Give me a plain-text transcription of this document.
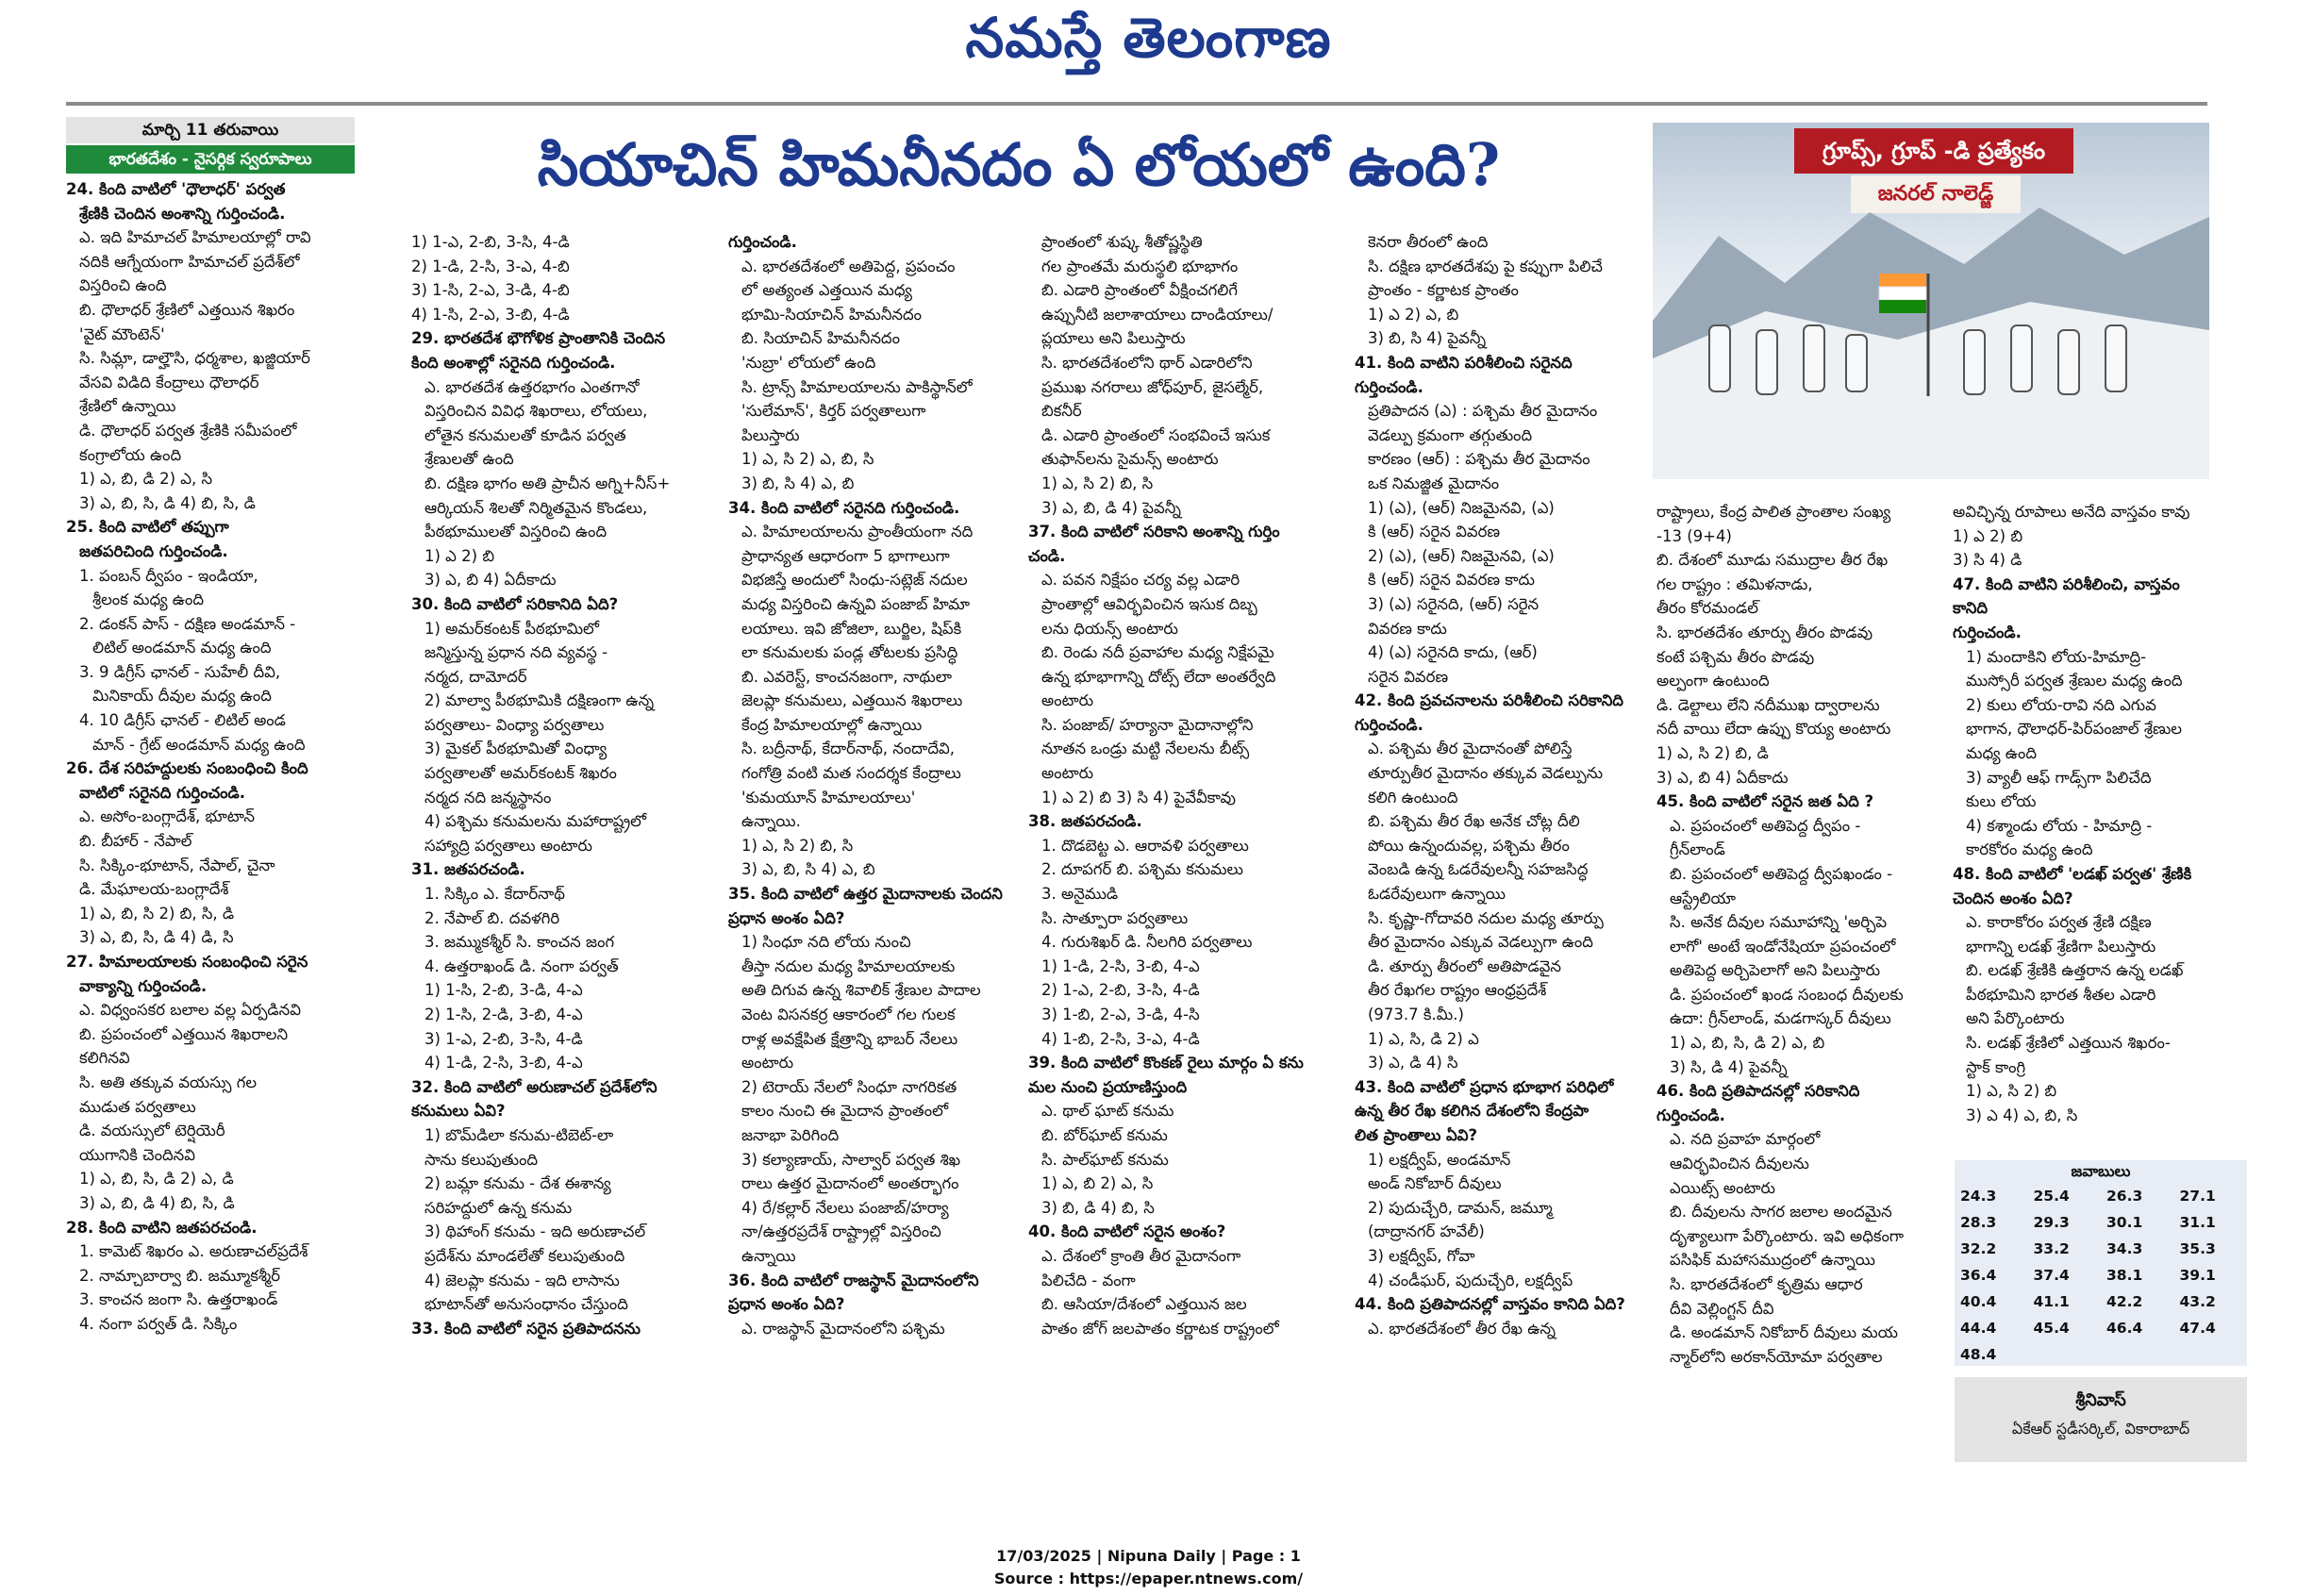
నమస్తే తెలంగాణ
మార్చి 11 తరువాయి
భారతదేశం - నైసర్గిక స్వరూపాలు	సియాచిన్ హిమనీనదం ఏ లోయలో ఉంది?	గ్రూప్స్, గ్రూప్ -డి ప్రత్యేకం
జనరల్ నాలెడ్జ్

24. కింది వాటిలో 'ధౌలాధర్' పర్వత

శ్రేణికి చెందిన అంశాన్ని గుర్తించండి.

ఎ. ఇది హిమాచల్ హిమాలయాల్లో రావి

నదికి ఆగ్నేయంగా హిమాచల్ ప్రదేశ్‌లో

విస్తరించి ఉంది

బి. ధౌలాధర్ శ్రేణిలో ఎత్తయిన శిఖరం

'వైట్ మౌంటెన్'

సి. సిమ్లా, డాల్హౌసి, ధర్మశాల, ఖజ్జియార్

వేసవి విడిది కేంద్రాలు ధౌలాధర్

శ్రేణిలో ఉన్నాయి

డి. ధౌలాధర్ పర్వత శ్రేణికి సమీపంలో

కంగ్రాలోయ ఉంది

1) ఎ, బి, డి 2) ఎ, సి

3) ఎ, బి, సి, డి 4) బి, సి, డి

25. కింది వాటిలో తప్పుగా

జతపరిచింది గుర్తించండి.

1. పంబన్ ద్వీపం - ఇండియా,

శ్రీలంక మధ్య ఉంది

2. డంకన్ పాస్ - దక్షిణ అండమాన్ -

లిటిల్ అండమాన్ మధ్య ఉంది

3. 9 డిగ్రీస్ ఛానల్ - సుహేలీ దీవి,

మినికాయ్ దీవుల మధ్య ఉంది

4. 10 డిగ్రీస్ ఛానల్ - లిటిల్ అండ

మాన్ - గ్రేట్ అండమాన్ మధ్య ఉంది

26. దేశ సరిహద్దులకు సంబంధించి కింది

వాటిలో సరైనది గుర్తించండి.

ఎ. అసోం-బంగ్లాదేశ్, భూటాన్

బి. బీహార్ - నేపాల్

సి. సిక్కిం-భూటాన్, నేపాల్, చైనా

డి. మేఘాలయ-బంగ్లాదేశ్

1) ఎ, బి, సి 2) బి, సి, డి

3) ఎ, బి, సి, డి 4) డి, సి

27. హిమాలయాలకు సంబంధించి సరైన

వాక్యాన్ని గుర్తించండి.

ఎ. విధ్వంసకర బలాల వల్ల ఏర్పడినవి

బి. ప్రపంచంలో ఎత్తయిన శిఖరాలని

కలిగినవి

సి. అతి తక్కువ వయస్సు గల

ముడుత పర్వతాలు

డి. వయస్సులో టెర్షియెరీ

యుగానికి చెందినవి

1) ఎ, బి, సి, డి 2) ఎ, డి

3) ఎ, బి, డి 4) బి, సి, డి

28. కింది వాటిని జతపరచండి.

1. కామెట్ శిఖరం ఎ. అరుణాచల్‌ప్రదేశ్

2. నామ్చాబార్వా బి. జమ్మూకశ్మీర్

3. కాంచన జంగా సి. ఉత్తరాఖండ్

4. నంగా పర్వత్ డి. సిక్కిం

1) 1-ఎ, 2-బి, 3-సి, 4-డి

2) 1-డి, 2-సి, 3-ఎ, 4-బి

3) 1-సి, 2-ఎ, 3-డి, 4-బి

4) 1-సి, 2-ఎ, 3-బి, 4-డి

29. భారతదేశ భౌగోళిక ప్రాంతానికి చెందిన

కింది అంశాల్లో సరైనది గుర్తించండి.

ఎ. భారతదేశ ఉత్తరభాగం ఎంతగానో

విస్తరించిన వివిధ శిఖరాలు, లోయలు,

లోతైన కనుమలతో కూడిన పర్వత

శ్రేణులతో ఉంది

బి. దక్షిణ భాగం అతి ప్రాచీన అగ్ని+నీస్+

ఆర్కియన్ శిలతో నిర్మితమైన కొండలు,

పీఠభూములతో విస్తరించి ఉంది

1) ఎ 2) బి

3) ఎ, బి 4) ఏదీకాదు

30. కింది వాటిలో సరికానిది ఏది?

1) అమర్‌కంటక్ పీఠభూమిలో

జన్మిస్తున్న ప్రధాన నది వ్యవస్థ -

నర్మద, దామోదర్

2) మాల్వా పీఠభూమికి దక్షిణంగా ఉన్న

పర్వతాలు- వింధ్యా పర్వతాలు

3) మైకల్ పీఠభూమితో వింధ్యా

పర్వతాలతో అమర్‌కంటక్ శిఖరం

నర్మద నది జన్మస్థానం

4) పశ్చిమ కనుమలను మహారాష్ట్రలో

సహ్యాద్రి పర్వతాలు అంటారు

31. జతపరచండి.

1. సిక్కిం ఎ. కేదార్‌నాథ్

2. నేపాల్ బి. దవళగిరి

3. జమ్ముకశ్మీర్ సి. కాంచన జంగ

4. ఉత్తరాఖండ్ డి. నంగా పర్వత్

1) 1-సి, 2-బి, 3-డి, 4-ఎ

2) 1-సి, 2-డి, 3-బి, 4-ఎ

3) 1-ఎ, 2-బి, 3-సి, 4-డి

4) 1-డి, 2-సి, 3-బి, 4-ఎ

32. కింది వాటిలో అరుణాచల్ ప్రదేశ్‌లోని

కనుమలు ఏవి?

1) బొమ్‌డిలా కనుమ-టిబెట్-లా

సాను కలుపుతుంది

2) బమ్లా కనుమ - దేశ ఈశాన్య

సరిహద్దులో ఉన్న కనుమ

3) థిహాంగ్ కనుమ - ఇది అరుణాచల్

ప్రదేశ్‌ను మాండలేతో కలుపుతుంది

4) జెలప్లా కనుమ - ఇది లాసాను

భూటాన్‌తో అనుసంధానం చేస్తుంది

33. కింది వాటిలో సరైన ప్రతిపాదనను

గుర్తించండి.

ఎ. భారతదేశంలో అతిపెద్ద, ప్రపంచం

లో అత్యంత ఎత్తయిన మధ్య

భూమి-సియాచిన్ హిమనీనదం

బి. సియాచిన్ హిమనీనదం

'నుబ్రా' లోయలో ఉంది

సి. ట్రాన్స్ హిమాలయాలను పాకిస్థాన్‌లో

'సులేమాన్', కిర్తర్ పర్వతాలుగా

పిలుస్తారు

1) ఎ, సి 2) ఎ, బి, సి

3) బి, సి 4) ఎ, బి

34. కింది వాటిలో సరైనది గుర్తించండి.

ఎ. హిమాలయాలను ప్రాంతీయంగా నది

ప్రాధాన్యత ఆధారంగా 5 భాగాలుగా

విభజిస్తే అందులో సింధు-సట్లెజ్ నదుల

మధ్య విస్తరించి ఉన్నవి పంజాబ్ హిమా

లయాలు. ఇవి జోజిలా, బుర్జిల, షిప్‌కి

లా కనుమలకు పండ్ల తోటలకు ప్రసిద్ధి

బి. ఎవరెస్ట్, కాంచనజంగా, నాథులా

జెలప్లా కనుమలు, ఎత్తయిన శిఖరాలు

కేంద్ర హిమాలయాల్లో ఉన్నాయి

సి. బద్రీనాథ్, కేదార్‌నాథ్, నందాదేవి,

గంగోత్రి వంటి మత సందర్శక కేంద్రాలు

'కుమయూన్ హిమాలయాలు'

ఉన్నాయి.

1) ఎ, సి 2) బి, సి

3) ఎ, బి, సి 4) ఎ, బి

35. కింది వాటిలో ఉత్తర మైదానాలకు చెందని

ప్రధాన అంశం ఏది?

1) సింధూ నది లోయ నుంచి

తీస్తా నదుల మధ్య హిమాలయాలకు

అతి దిగువ ఉన్న శివాలిక్ శ్రేణుల పాదాల

వెంట విసనకర్ర ఆకారంలో గల గులక

రాళ్ల అవక్షేపిత క్షేత్రాన్ని భాబర్ నేలలు

అంటారు

2) టెరాయ్ నేలలో సింధూ నాగరికత

కాలం నుంచి ఈ మైదాన ప్రాంతంలో

జనాభా పెరిగింది

3) కల్యాణాయ్, సాల్వార్ పర్వత శిఖ

రాలు ఉత్తర మైదానంలో అంతర్భాగం

4) రే/కల్లార్ నేలలు పంజాబ్/హర్యా

నా/ఉత్తరప్రదేశ్ రాష్ట్రాల్లో విస్తరించి

ఉన్నాయి

36. కింది వాటిలో రాజస్థాన్ మైదానంలోని

ప్రధాన అంశం ఏది?

ఎ. రాజస్థాన్ మైదానంలోని పశ్చిమ

ప్రాంతంలో శుష్క శీతోష్ణస్థితి

గల ప్రాంతమే మరుస్థలి భూభాగం

బి. ఎడారి ప్రాంతంలో వీక్షించగలిగే

ఉప్పునీటి జలాశాయాలు దాండియాలు/

ప్లయాలు అని పిలుస్తారు

సి. భారతదేశంలోని థార్ ఎడారిలోని

ప్రముఖ నగరాలు జోధ్‌పూర్, జైసల్మేర్,

బికనీర్

డి. ఎడారి ప్రాంతంలో సంభవించే ఇసుక

తుఫాన్‌లను సైమన్స్ అంటారు

1) ఎ, సి 2) బి, సి

3) ఎ, బి, డి 4) పైవన్నీ

37. కింది వాటిలో సరికాని అంశాన్ని గుర్తిం

చండి.

ఎ. పవన నిక్షేపం చర్య వల్ల ఎడారి

ప్రాంతాల్లో ఆవిర్భవించిన ఇసుక దిబ్బ

లను ధియన్స్ అంటారు

బి. రెండు నదీ ప్రవాహాల మధ్య నిక్షేపమై

ఉన్న భూభాగాన్ని దోట్స్ లేదా అంతర్వేది

అంటారు

సి. పంజాబ్/ హర్యానా మైదానాల్లోని

నూతన ఒండ్రు మట్టి నేలలను బీట్స్

అంటారు

1) ఎ 2) బి 3) సి 4) పైవేవీకావు

38. జతపరచండి.

1. దొడబెట్ట ఎ. ఆరావళి పర్వతాలు

2. దూపగర్ బి. పశ్చిమ కనుమలు

3. అనైముడి

సి. సాత్పూరా పర్వతాలు

4. గురుశిఖర్ డి. నీలగిరి పర్వతాలు

1) 1-డి, 2-సి, 3-బి, 4-ఎ

2) 1-ఎ, 2-బి, 3-సి, 4-డి

3) 1-బి, 2-ఎ, 3-డి, 4-సి

4) 1-బి, 2-సి, 3-ఎ, 4-డి

39. కింది వాటిలో కొంకణ్ రైలు మార్గం ఏ కను

మల నుంచి ప్రయాణిస్తుంది

ఎ. థాల్ ఘాట్ కనుమ

బి. బోర్‌ఘాట్ కనుమ

సి. పాల్‌ఘాట్ కనుమ

1) ఎ, బి 2) ఎ, సి

3) బి, డి 4) బి, సి

40. కింది వాటిలో సరైన అంశం?

ఎ. దేశంలో క్రాంతి తీర మైదానంగా

పిలిచేది - వంగా

బి. ఆసియా/దేశంలో ఎత్తయిన జల

పాతం జోగ్ జలపాతం కర్ణాటక రాష్ట్రంలో

కెనరా తీరంలో ఉంది

సి. దక్షిణ భారతదేశపు పై కప్పుగా పిలిచే

ప్రాంతం - కర్ణాటక ప్రాంతం

1) ఎ 2) ఎ, బి

3) బి, సి 4) పైవన్నీ

41. కింది వాటిని పరిశీలించి సరైనది

గుర్తించండి.

ప్రతిపాదన (ఎ) : పశ్చిమ తీర మైదానం

వెడల్పు క్రమంగా తగ్గుతుంది

కారణం (ఆర్) : పశ్చిమ తీర మైదానం

ఒక నిమజ్జిత మైదానం

1) (ఎ), (ఆర్) నిజమైనవి, (ఎ)

కి (ఆర్) సరైన వివరణ

2) (ఎ), (ఆర్) నిజమైనవి, (ఎ)

కి (ఆర్) సరైన వివరణ కాదు

3) (ఎ) సరైనది, (ఆర్) సరైన

వివరణ కాదు

4) (ఎ) సరైనది కాదు, (ఆర్)

సరైన వివరణ

42. కింది ప్రవచనాలను పరిశీలించి సరికానిది

గుర్తించండి.

ఎ. పశ్చిమ తీర మైదానంతో పోలిస్తే

తూర్పుతీర మైదానం తక్కువ వెడల్పును

కలిగి ఉంటుంది

బి. పశ్చిమ తీర రేఖ అనేక చోట్ల దీలి

పోయి ఉన్నందువల్ల, పశ్చిమ తీరం

వెంబడి ఉన్న ఓడరేవులన్నీ సహజసిద్ధ

ఓడరేవులుగా ఉన్నాయి

సి. కృష్ణా-గోదావరి నదుల మధ్య తూర్పు

తీర మైదానం ఎక్కువ వెడల్పుగా ఉంది

డి. తూర్పు తీరంలో అతిపొడవైన

తీర రేఖగల రాష్ట్రం ఆంధ్రప్రదేశ్

(973.7 కి.మీ.)

1) ఎ, సి, డి 2) ఎ

3) ఎ, డి 4) సి

43. కింది వాటిలో ప్రధాన భూభాగ పరిధిలో

ఉన్న తీర రేఖ కలిగిన దేశంలోని కేంద్రపా

లిత ప్రాంతాలు ఏవి?

1) లక్షద్వీప్, అండమాన్

అండ్ నికోబార్ దీవులు

2) పుదుచ్చేరి, డామన్, జమ్మూ

(దాద్రానగర్ హవేలీ)

3) లక్షద్వీప్, గోవా

4) చండీఘర్, పుదుచ్చేరి, లక్షద్వీప్

44. కింది ప్రతిపాదనల్లో వాస్తవం కానిది ఏది?

ఎ. భారతదేశంలో తీర రేఖ ఉన్న

రాష్ట్రాలు, కేంద్ర పాలిత ప్రాంతాల సంఖ్య

-13 (9+4)

బి. దేశంలో మూడు సముద్రాల తీర రేఖ

గల రాష్ట్రం : తమిళనాడు,

తీరం కోరమండల్

సి. భారతదేశం తూర్పు తీరం పొడవు

కంటే పశ్చిమ తీరం పొడవు

అల్పంగా ఉంటుంది

డి. డెల్టాలు లేని నదీముఖ ద్వారాలను

నదీ వాయి లేదా ఉప్పు కొయ్య అంటారు

1) ఎ, సి 2) బి, డి

3) ఎ, బి 4) ఏదీకాదు

45. కింది వాటిలో సరైన జత ఏది ?

ఎ. ప్రపంచంలో అతిపెద్ద ద్వీపం -

గ్రీన్‌లాండ్

బి. ప్రపంచంలో అతిపెద్ద ద్వీపఖండం -

ఆస్ట్రేలియా

సి. అనేక దీవుల సమూహాన్ని 'అర్చిపె

లాగో' అంటే ఇండోనేషియా ప్రపంచంలో

అతిపెద్ద అర్చిపెలాగో అని పిలుస్తారు

డి. ప్రపంచంలో ఖండ సంబంధ దీవులకు

ఉదా: గ్రీన్‌లాండ్, మడగాస్కర్ దీవులు

1) ఎ, బి, సి, డి 2) ఎ, బి

3) సి, డి 4) పైవన్నీ

46. కింది ప్రతిపాదనల్లో సరికానిది

గుర్తించండి.

ఎ. నది ప్రవాహ మార్గంలో

ఆవిర్భవించిన దీవులను

ఎయిట్స్ అంటారు

బి. దీవులను సాగర జలాల అందమైన

దృశ్యాలుగా పేర్కొంటారు. ఇవి అధికంగా

పసిఫిక్ మహాసముద్రంలో ఉన్నాయి

సి. భారతదేశంలో కృత్రిమ ఆధార

దీవి వెల్లింగ్టన్ దీవి

డి. అండమాన్ నికోబార్ దీవులు మయ

న్మార్‌లోని అరకాన్‌యోమా పర్వతాల

అవిచ్ఛిన్న రూపాలు అనేది వాస్తవం కావు

1) ఎ 2) బి

3) సి 4) డి

47. కింది వాటిని పరిశీలించి, వాస్తవం కానిది

గుర్తించండి.

1) మందాకిని లోయ-హిమాద్రి-

ముస్సోరీ పర్వత శ్రేణుల మధ్య ఉంది

2) కులు లోయ-రావి నది ఎగువ

భాగాన, ధౌలాధర్-పిర్‌పంజాల్ శ్రేణుల

మధ్య ఉంది

3) వ్యాలీ ఆఫ్ గాడ్స్‌గా పిలిచేది

కులు లోయ

4) కశ్మాండు లోయ - హిమాద్రి -

కారకోరం మధ్య ఉంది

48. కింది వాటిలో 'లడఖ్ పర్వత' శ్రేణికి

చెందిన అంశం ఏది?

ఎ. కారాకోరం పర్వత శ్రేణి దక్షిణ

భాగాన్ని లడఖ్ శ్రేణిగా పిలుస్తారు

బి. లడఖ్ శ్రేణికి ఉత్తరాన ఉన్న లడఖ్

పీఠభూమిని భారత శీతల ఎడారి

అని పేర్కొంటారు

సి. లడఖ్ శ్రేణిలో ఎత్తయిన శిఖరం-

స్టాక్ కాంగ్రి

1) ఎ, సి 2) బి

3) ఎ 4) ఎ, బి, సి

జవాబులు
24.3	25.4	26.3	27.1
28.3	29.3	30.1	31.1
32.2	33.2	34.3	35.3
36.4	37.4	38.1	39.1
40.4	41.1	42.2	43.2
44.4	45.4	46.4	47.4
48.4			
శ్రీనివాస్
ఏకేఆర్ స్టడీసర్కిల్, వికారాబాద్
17/03/2025 | Nipuna Daily | Page : 1
Source : https://epaper.ntnews.com/
